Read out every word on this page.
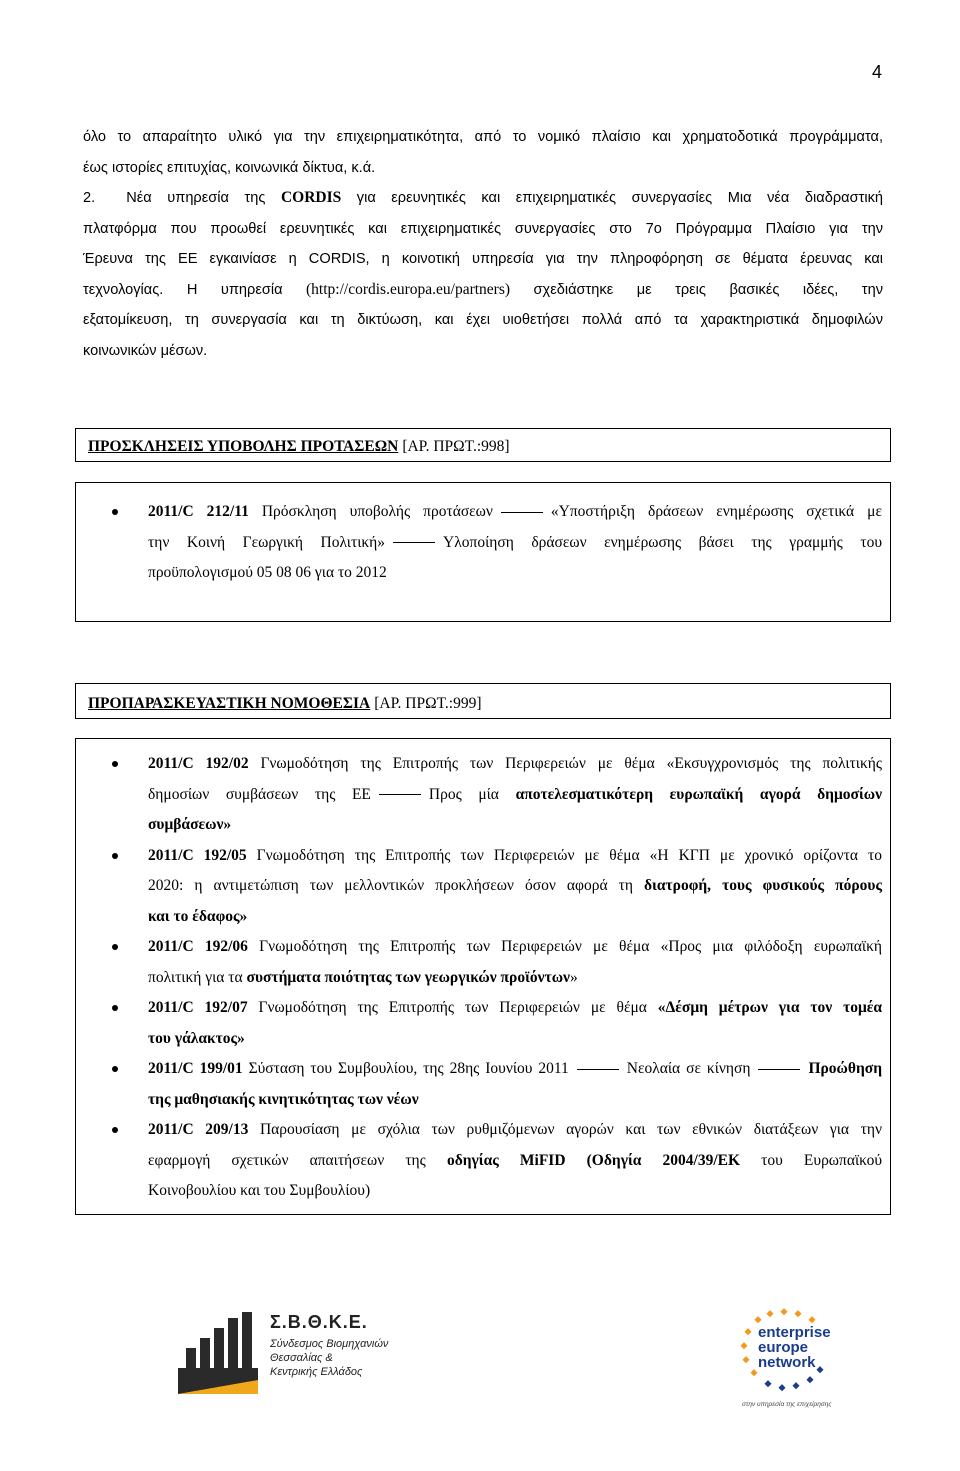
4

όλο το απαραίτητο υλικό για την επιχειρηματικότητα, από το νομικό πλαίσιο και χρηματοδοτικά προγράμματα,

έως ιστορίες επιτυχίας, κοινωνικά δίκτυα, κ.ά.

2. Νέα υπηρεσία της CORDIS για ερευνητικές και επιχειρηματικές συνεργασίες Μια νέα διαδραστική

πλατφόρμα που προωθεί ερευνητικές και επιχειρηματικές συνεργασίες στο 7ο Πρόγραμμα Πλαίσιο για την

Έρευνα της ΕΕ εγκαινίασε η CORDIS, η κοινοτική υπηρεσία για την πληροφόρηση σε θέματα έρευνας και

τεχνολογίας. Η υπηρεσία (http://cordis.europa.eu/partners) σχεδιάστηκε με τρεις βασικές ιδέες, την

εξατομίκευση, τη συνεργασία και τη δικτύωση, και έχει υιοθετήσει πολλά από τα χαρακτηριστικά δημοφιλών

κοινωνικών μέσων.

ΠΡΟΣΚΛΗΣΕΙΣ ΥΠΟΒΟΛΗΣ ΠΡΟΤΑΣΕΩΝ [ΑΡ. ΠΡΩΤ.:998]
2011/C 212/11 Πρόσκληση υποβολής προτάσεων	«Υποστήριξη δράσεων ενημέρωσης σχετικά με
την Κοινή Γεωργική Πολιτική»	Υλοποίηση δράσεων ενημέρωσης βάσει της γραμμής του
προϋπολογισμού 05 08 06 για το 2012
ΠΡΟΠΑΡΑΣΚΕΥΑΣΤΙΚΗ ΝΟΜΟΘΕΣΙΑ [ΑΡ. ΠΡΩΤ.:999]
2011/C 192/02 Γνωμοδότηση της Επιτροπής των Περιφερειών με θέμα «Εκσυγχρονισμός της πολιτικής
δημοσίων συμβάσεων της ΕΕ	Προς μία αποτελεσματικότερη ευρωπαϊκή αγορά δημοσίων
συμβάσεων»
2011/C 192/05 Γνωμοδότηση της Επιτροπής των Περιφερειών με θέμα «Η ΚΓΠ με χρονικό ορίζοντα το
2020: η αντιμετώπιση των μελλοντικών προκλήσεων όσον αφορά τη διατροφή, τους φυσικούς πόρους
και το έδαφος»
2011/C 192/06 Γνωμοδότηση της Επιτροπής των Περιφερειών με θέμα «Προς μια φιλόδοξη ευρωπαϊκή
πολιτική για τα συστήματα ποιότητας των γεωργικών προϊόντων»
2011/C 192/07 Γνωμοδότηση της Επιτροπής των Περιφερειών με θέμα «Δέσμη μέτρων για τον τομέα
του γάλακτος»
2011/C 199/01 Σύσταση του Συμβουλίου, της 28ης Ιουνίου 2011	Νεολαία σε κίνηση	Προώθηση
της μαθησιακής κινητικότητας των νέων
2011/C 209/13 Παρουσίαση με σχόλια των ρυθμιζόμενων αγορών και των εθνικών διατάξεων για την
εφαρμογή σχετικών απαιτήσεων της οδηγίας MiFID (Οδηγία 2004/39/ΕΚ του Ευρωπαϊκού
Κοινοβουλίου και του Συμβουλίου)
Σ.Β.Θ.Κ.Ε.
Σύνδεσμος Βιομηχανιών
Θεσσαλίας &
Κεντρικής Ελλάδος
enterprise
europe
network
στην υπηρεσία της επιχείρησης
